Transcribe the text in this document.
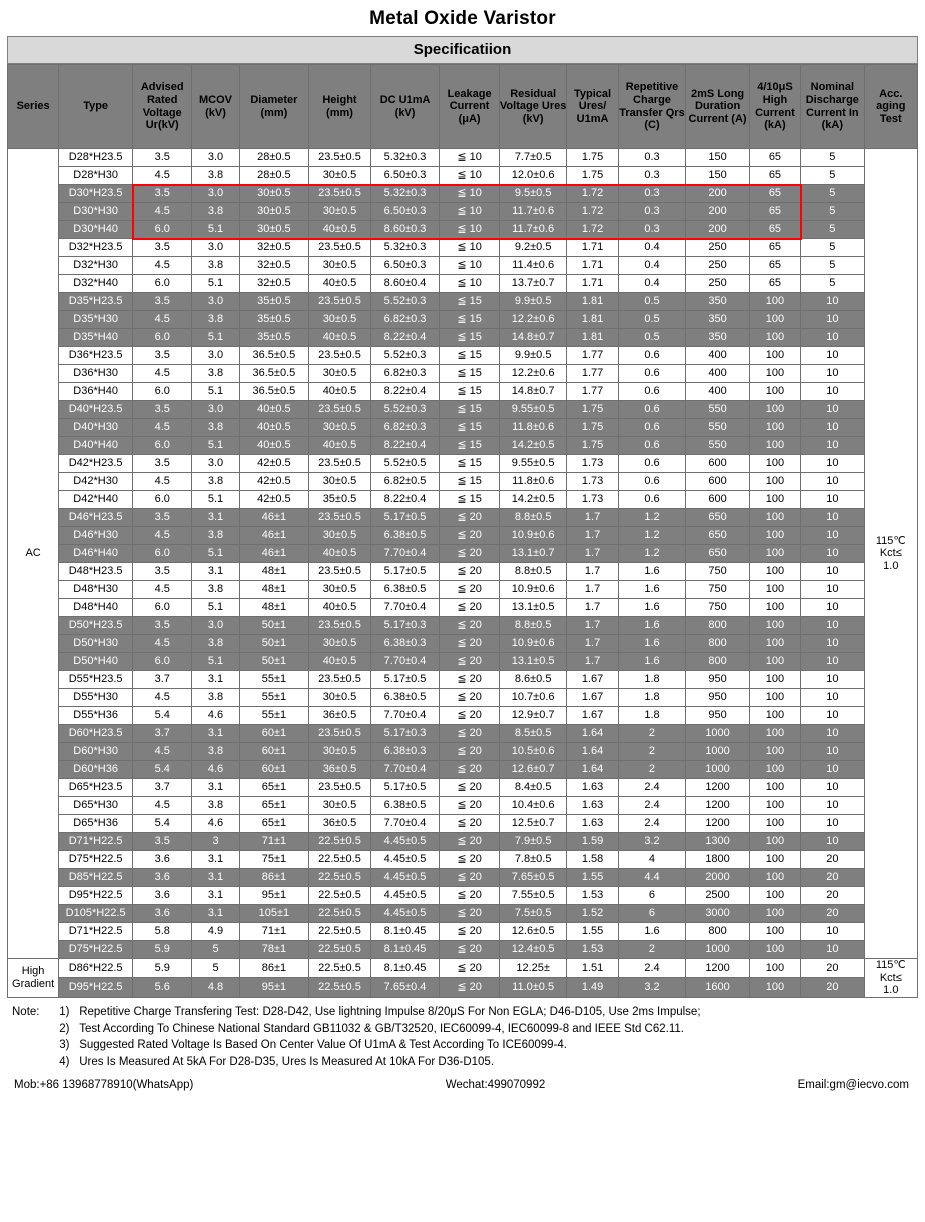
Metal Oxide Varistor
Specificatiion
Series	Type	Advised Rated Voltage Ur(kV)	MCOV (kV)	Diameter (mm)	Height (mm)	DC U1mA (kV)	Leakage Current (μA)	Residual Voltage Ures (kV)	Typical Ures/ U1mA	Repetitive Charge Transfer Qrs (C)	2mS Long Duration Current (A)	4/10μS High Current (kA)	Nominal Discharge Current In (kA)	Acc. aging Test
AC	D28*H23.5	3.5	3.0	28±0.5	23.5±0.5	5.32±0.3	≦ 10	7.7±0.5	1.75	0.3	150	65	5	115℃
Kct≤
1.0

	D28*H30	4.5	3.8	28±0.5	30±0.5	6.50±0.3	≦ 10	12.0±0.6	1.75	0.3	150	65	5	
	D30*H23.5	3.5	3.0	30±0.5	23.5±0.5	5.32±0.3	≦ 10	9.5±0.5	1.72	0.3	200	65	5	
	D30*H30	4.5	3.8	30±0.5	30±0.5	6.50±0.3	≦ 10	11.7±0.6	1.72	0.3	200	65	5	
	D30*H40	6.0	5.1	30±0.5	40±0.5	8.60±0.3	≦ 10	11.7±0.6	1.72	0.3	200	65	5	
	D32*H23.5	3.5	3.0	32±0.5	23.5±0.5	5.32±0.3	≦ 10	9.2±0.5	1.71	0.4	250	65	5	
	D32*H30	4.5	3.8	32±0.5	30±0.5	6.50±0.3	≦ 10	11.4±0.6	1.71	0.4	250	65	5	
	D32*H40	6.0	5.1	32±0.5	40±0.5	8.60±0.4	≦ 10	13.7±0.7	1.71	0.4	250	65	5	
	D35*H23.5	3.5	3.0	35±0.5	23.5±0.5	5.52±0.3	≦ 15	9.9±0.5	1.81	0.5	350	100	10	
	D35*H30	4.5	3.8	35±0.5	30±0.5	6.82±0.3	≦ 15	12.2±0.6	1.81	0.5	350	100	10	
	D35*H40	6.0	5.1	35±0.5	40±0.5	8.22±0.4	≦ 15	14.8±0.7	1.81	0.5	350	100	10	
	D36*H23.5	3.5	3.0	36.5±0.5	23.5±0.5	5.52±0.3	≦ 15	9.9±0.5	1.77	0.6	400	100	10	
	D36*H30	4.5	3.8	36.5±0.5	30±0.5	6.82±0.3	≦ 15	12.2±0.6	1.77	0.6	400	100	10	
	D36*H40	6.0	5.1	36.5±0.5	40±0.5	8.22±0.4	≦ 15	14.8±0.7	1.77	0.6	400	100	10	
	D40*H23.5	3.5	3.0	40±0.5	23.5±0.5	5.52±0.3	≦ 15	9.55±0.5	1.75	0.6	550	100	10	
	D40*H30	4.5	3.8	40±0.5	30±0.5	6.82±0.3	≦ 15	11.8±0.6	1.75	0.6	550	100	10	
	D40*H40	6.0	5.1	40±0.5	40±0.5	8.22±0.4	≦ 15	14.2±0.5	1.75	0.6	550	100	10	
	D42*H23.5	3.5	3.0	42±0.5	23.5±0.5	5.52±0.5	≦ 15	9.55±0.5	1.73	0.6	600	100	10	
	D42*H30	4.5	3.8	42±0.5	30±0.5	6.82±0.5	≦ 15	11.8±0.6	1.73	0.6	600	100	10	
	D42*H40	6.0	5.1	42±0.5	35±0.5	8.22±0.4	≦ 15	14.2±0.5	1.73	0.6	600	100	10	
	D46*H23.5	3.5	3.1	46±1	23.5±0.5	5.17±0.5	≦ 20	8.8±0.5	1.7	1.2	650	100	10	
	D46*H30	4.5	3.8	46±1	30±0.5	6.38±0.5	≦ 20	10.9±0.6	1.7	1.2	650	100	10	
	D46*H40	6.0	5.1	46±1	40±0.5	7.70±0.4	≦ 20	13.1±0.7	1.7	1.2	650	100	10	
	D48*H23.5	3.5	3.1	48±1	23.5±0.5	5.17±0.5	≦ 20	8.8±0.5	1.7	1.6	750	100	10	
	D48*H30	4.5	3.8	48±1	30±0.5	6.38±0.5	≦ 20	10.9±0.6	1.7	1.6	750	100	10	
	D48*H40	6.0	5.1	48±1	40±0.5	7.70±0.4	≦ 20	13.1±0.5	1.7	1.6	750	100	10	
	D50*H23.5	3.5	3.0	50±1	23.5±0.5	5.17±0.3	≦ 20	8.8±0.5	1.7	1.6	800	100	10	
	D50*H30	4.5	3.8	50±1	30±0.5	6.38±0.3	≦ 20	10.9±0.6	1.7	1.6	800	100	10	
	D50*H40	6.0	5.1	50±1	40±0.5	7.70±0.4	≦ 20	13.1±0.5	1.7	1.6	800	100	10	
	D55*H23.5	3.7	3.1	55±1	23.5±0.5	5.17±0.5	≦ 20	8.6±0.5	1.67	1.8	950	100	10	
	D55*H30	4.5	3.8	55±1	30±0.5	6.38±0.5	≦ 20	10.7±0.6	1.67	1.8	950	100	10	
	D55*H36	5.4	4.6	55±1	36±0.5	7.70±0.4	≦ 20	12.9±0.7	1.67	1.8	950	100	10	
	D60*H23.5	3.7	3.1	60±1	23.5±0.5	5.17±0.3	≦ 20	8.5±0.5	1.64	2	1000	100	10	
	D60*H30	4.5	3.8	60±1	30±0.5	6.38±0.3	≦ 20	10.5±0.6	1.64	2	1000	100	10	
	D60*H36	5.4	4.6	60±1	36±0.5	7.70±0.4	≦ 20	12.6±0.7	1.64	2	1000	100	10	
	D65*H23.5	3.7	3.1	65±1	23.5±0.5	5.17±0.5	≦ 20	8.4±0.5	1.63	2.4	1200	100	10	
	D65*H30	4.5	3.8	65±1	30±0.5	6.38±0.5	≦ 20	10.4±0.6	1.63	2.4	1200	100	10	
	D65*H36	5.4	4.6	65±1	36±0.5	7.70±0.4	≦ 20	12.5±0.7	1.63	2.4	1200	100	10	
	D71*H22.5	3.5	3	71±1	22.5±0.5	4.45±0.5	≦ 20	7.9±0.5	1.59	3.2	1300	100	10	
	D75*H22.5	3.6	3.1	75±1	22.5±0.5	4.45±0.5	≦ 20	7.8±0.5	1.58	4	1800	100	20	
	D85*H22.5	3.6	3.1	86±1	22.5±0.5	4.45±0.5	≦ 20	7.65±0.5	1.55	4.4	2000	100	20	
	D95*H22.5	3.6	3.1	95±1	22.5±0.5	4.45±0.5	≦ 20	7.55±0.5	1.53	6	2500	100	20	
	D105*H22.5	3.6	3.1	105±1	22.5±0.5	4.45±0.5	≦ 20	7.5±0.5	1.52	6	3000	100	20	
	D71*H22.5	5.8	4.9	71±1	22.5±0.5	8.1±0.45	≦ 20	12.6±0.5	1.55	1.6	800	100	10	
	D75*H22.5	5.9	5	78±1	22.5±0.5	8.1±0.45	≦ 20	12.4±0.5	1.53	2	1000	100	10	
High Gradient	D86*H22.5	5.9	5	86±1	22.5±0.5	8.1±0.45	≦ 20	12.25±	1.51	2.4	1200	100	20	115℃
Kct≤
1.0

	D95*H22.5	5.6	4.8	95±1	22.5±0.5	7.65±0.4	≦ 20	11.0±0.5	1.49	3.2	1600	100	20	
Note: 1) Repetitive Charge Transfering Test: D28-D42, Use lightning Impulse 8/20μS For Non EGLA; D46-D105, Use 2ms Impulse;
2) Test According To Chinese National Standard GB11032 & GB/T32520, IEC60099-4, IEC60099-8 and IEEE Std C62.11.
3) Suggested Rated Voltage Is Based On Center Value Of U1mA & Test According To ICE60099-4.
4) Ures Is Measured At 5kA For D28-D35, Ures Is Measured At 10kA For D36-D105.
Mob:+86 13968778910(WhatsApp)	Wechat:499070992	Email:gm@iecvo.com
